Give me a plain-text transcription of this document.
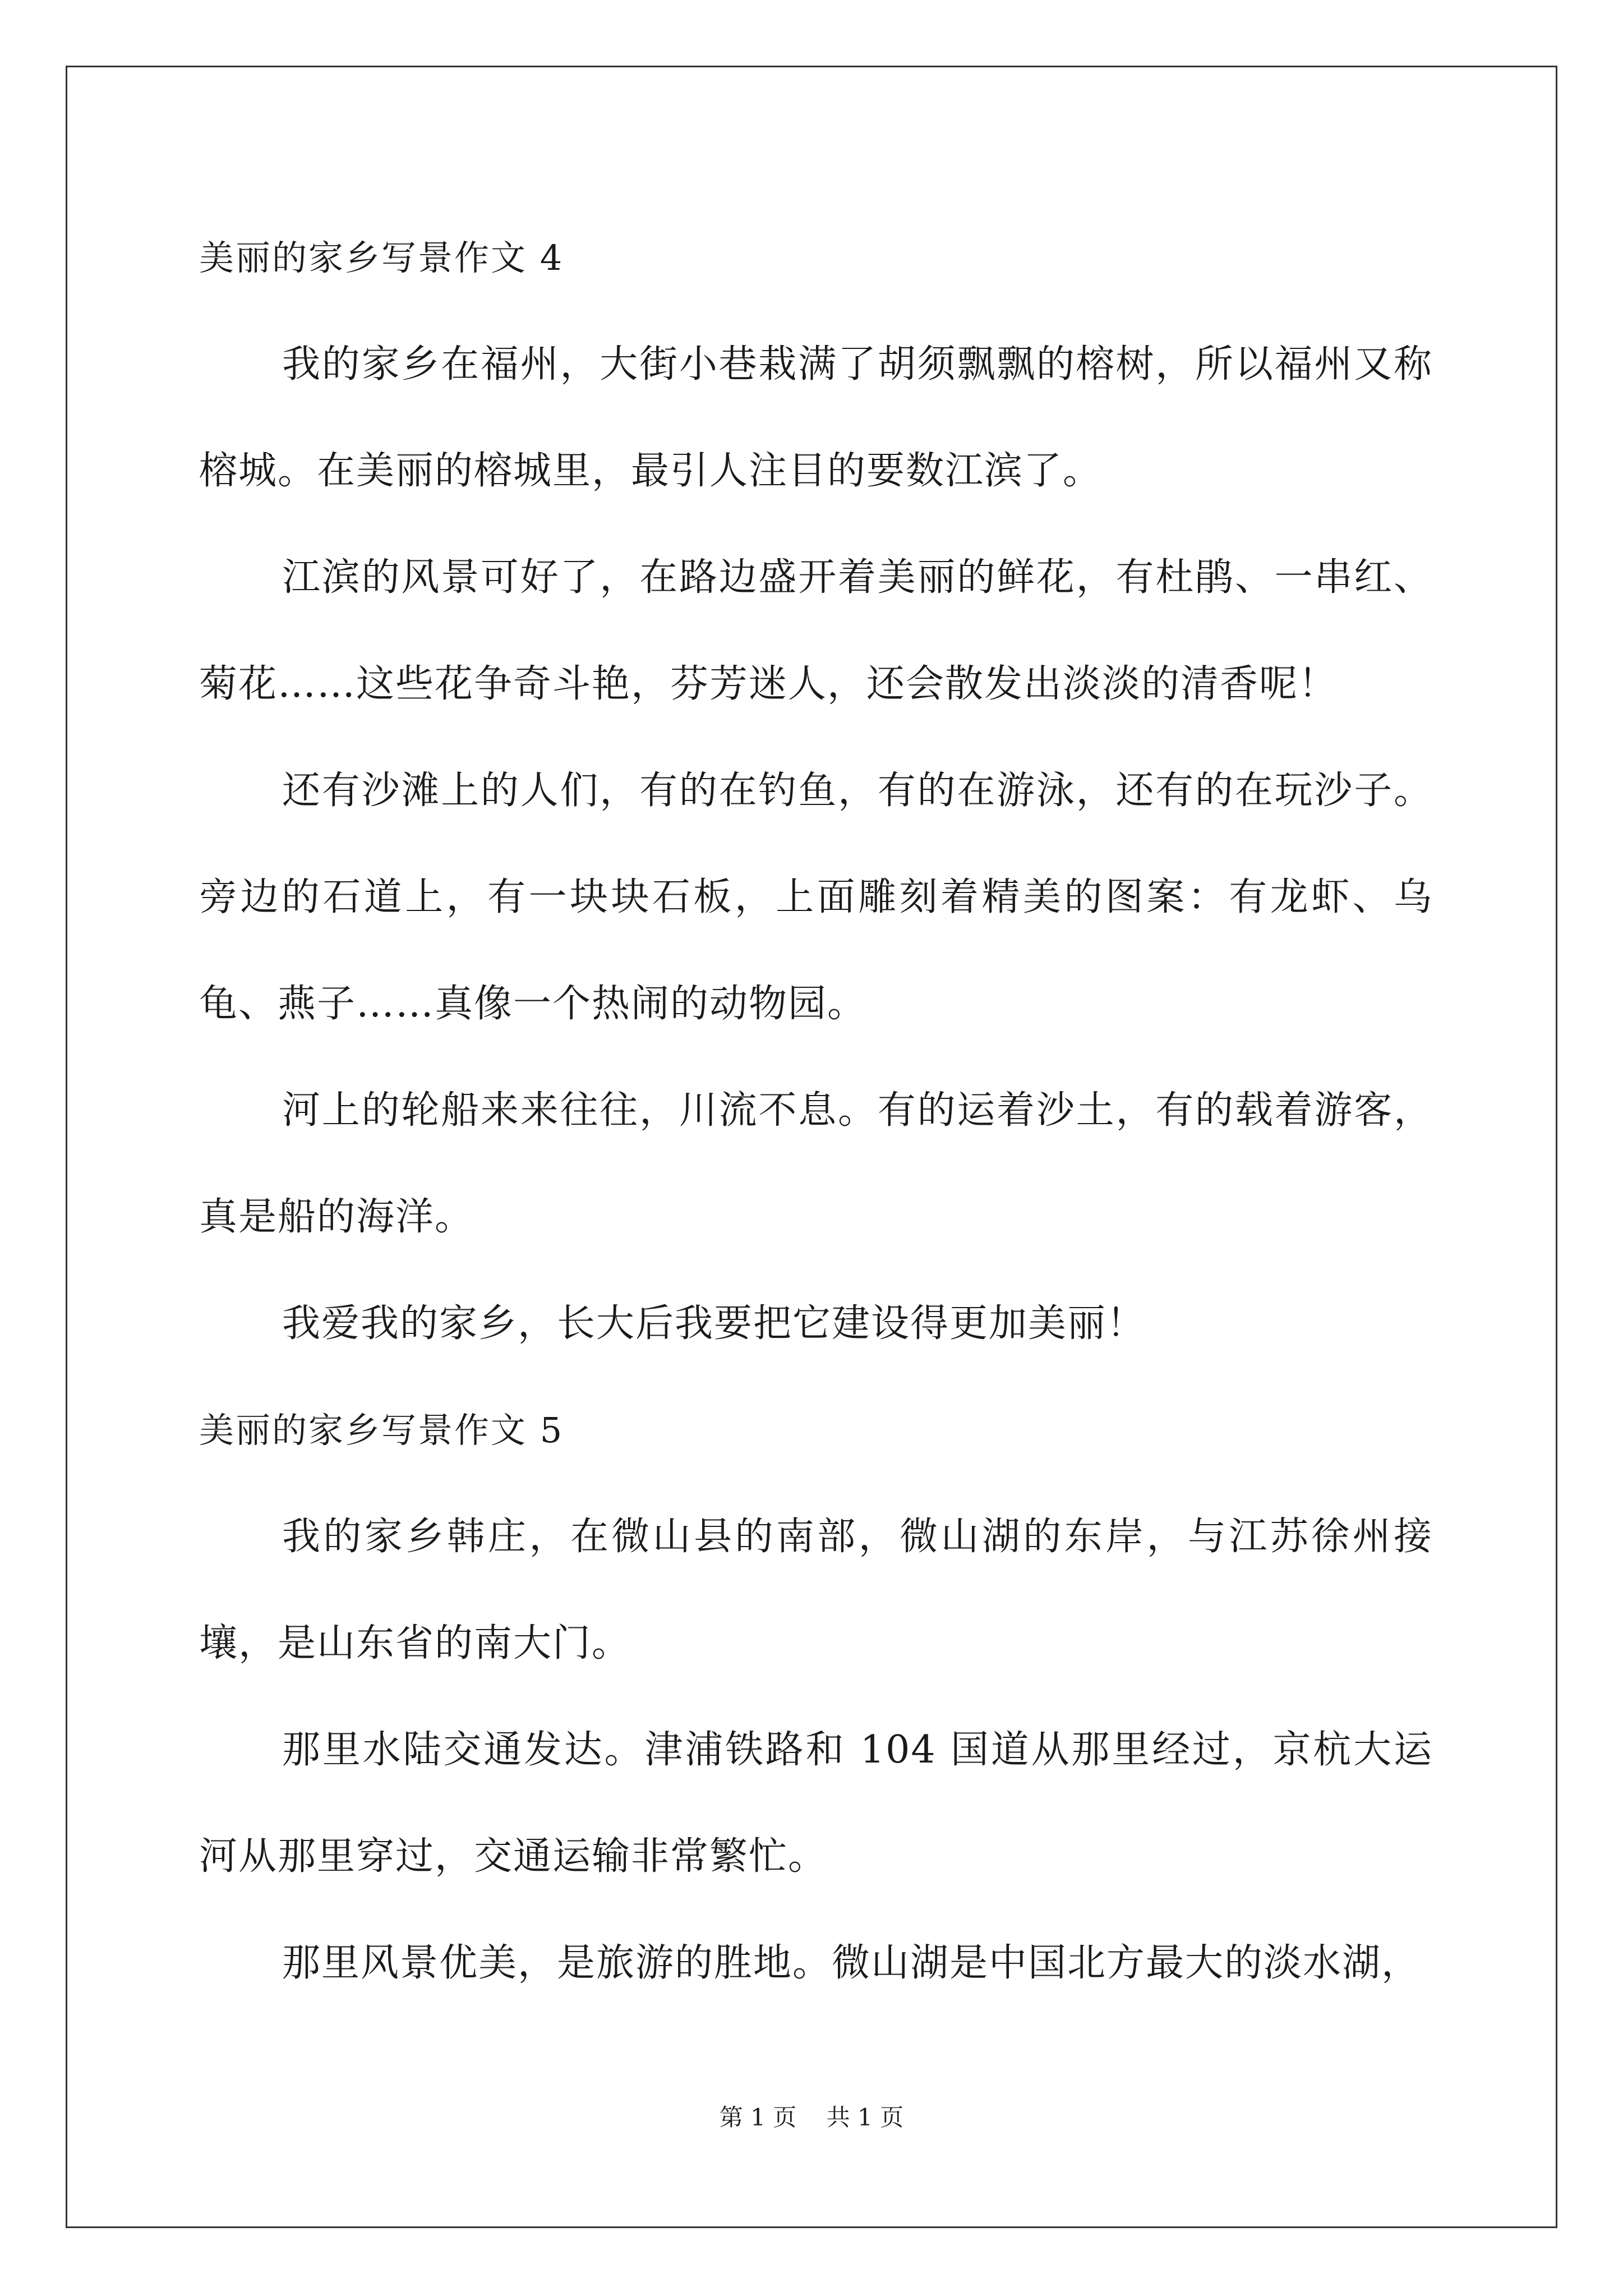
美丽的家乡写景作文 4

我的家乡在福州，大街小巷栽满了胡须飘飘的榕树，所以福州又称榕城。在美丽的榕城里，最引人注目的要数江滨了。

江滨的风景可好了，在路边盛开着美丽的鲜花，有杜鹃、一串红、菊花……这些花争奇斗艳，芬芳迷人，还会散发出淡淡的清香呢！

还有沙滩上的人们，有的在钓鱼，有的在游泳，还有的在玩沙子。旁边的石道上，有一块块石板，上面雕刻着精美的图案：有龙虾、乌龟、燕子……真像一个热闹的动物园。

河上的轮船来来往往，川流不息。有的运着沙土，有的载着游客，真是船的海洋。

我爱我的家乡，长大后我要把它建设得更加美丽！

美丽的家乡写景作文 5

我的家乡韩庄，在微山县的南部，微山湖的东岸，与江苏徐州接壤，是山东省的南大门。

那里水陆交通发达。津浦铁路和 104 国道从那里经过，京杭大运河从那里穿过，交通运输非常繁忙。

那里风景优美，是旅游的胜地。微山湖是中国北方最大的淡水湖，

第 1 页    共 1 页
